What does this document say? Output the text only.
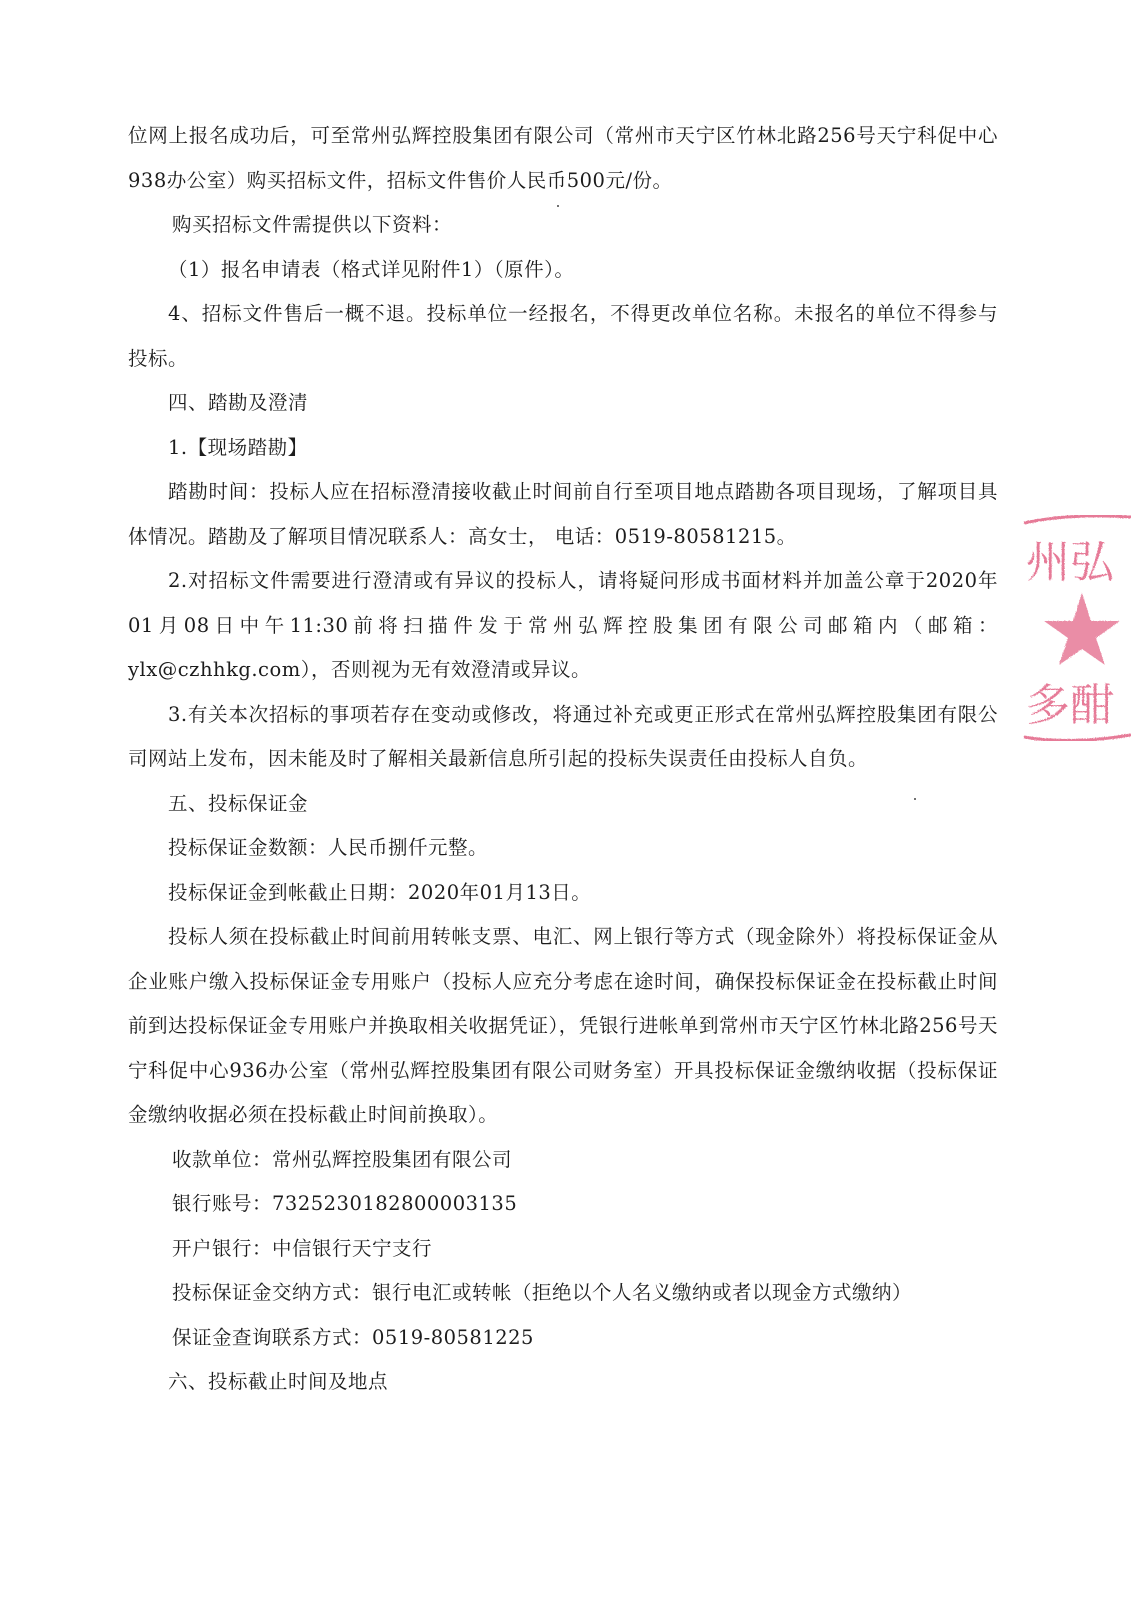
位网上报名成功后，可至常州弘辉控股集团有限公司（常州市天宁区竹林北路256号天宁科促中心938办公室）购买招标文件，招标文件售价人民币500元/份。

购买招标文件需提供以下资料：

（1）报名申请表（格式详见附件1）（原件）。

4、招标文件售后一概不退。投标单位一经报名，不得更改单位名称。未报名的单位不得参与投标。

四、踏勘及澄清

1.【现场踏勘】

踏勘时间：投标人应在招标澄清接收截止时间前自行至项目地点踏勘各项目现场，了解项目具体情况。踏勘及了解项目情况联系人：高女士， 电话：0519-80581215。

2.对招标文件需要进行澄清或有异议的投标人，请将疑问形成书面材料并加盖公章于2020年01月08日中午11:30前将扫描件发于常州弘辉控股集团有限公司邮箱内（邮箱：ylx@czhhkg.com），否则视为无有效澄清或异议。

3.有关本次招标的事项若存在变动或修改，将通过补充或更正形式在常州弘辉控股集团有限公司网站上发布，因未能及时了解相关最新信息所引起的投标失误责任由投标人自负。

五、投标保证金

投标保证金数额：人民币捌仟元整。

投标保证金到帐截止日期：2020年01月13日。

投标人须在投标截止时间前用转帐支票、电汇、网上银行等方式（现金除外）将投标保证金从企业账户缴入投标保证金专用账户（投标人应充分考虑在途时间，确保投标保证金在投标截止时间前到达投标保证金专用账户并换取相关收据凭证），凭银行进帐单到常州市天宁区竹林北路256号天宁科促中心936办公室（常州弘辉控股集团有限公司财务室）开具投标保证金缴纳收据（投标保证金缴纳收据必须在投标截止时间前换取）。

收款单位：常州弘辉控股集团有限公司

银行账号：7325230182800003135

开户银行：中信银行天宁支行

投标保证金交纳方式：银行电汇或转帐（拒绝以个人名义缴纳或者以现金方式缴纳）

保证金查询联系方式：0519-80581225

六、投标截止时间及地点

州弘
多酣
